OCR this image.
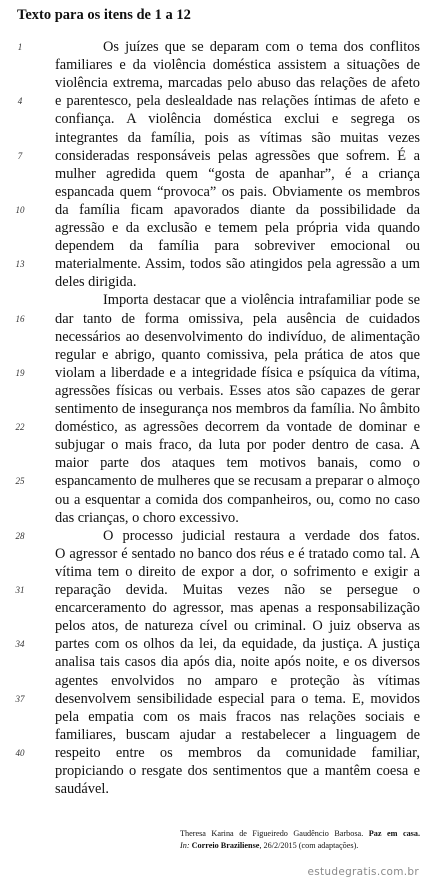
Texto para os itens de 1 a 12
Os juízes que se deparam com o tema dos conflitos
1
familiares e da violência doméstica assistem a situações de
violência extrema, marcadas pelo abuso das relações de afeto
e parentesco, pela deslealdade nas relações íntimas de afeto e
4
confiança. A violência doméstica exclui e segrega os
integrantes da família, pois as vítimas são muitas vezes
consideradas responsáveis pelas agressões que sofrem. É a
7
mulher agredida quem “gosta de apanhar”, é a criança
espancada quem “provoca” os pais. Obviamente os membros
da família ficam apavorados diante da possibilidade da
10
agressão e da exclusão e temem pela própria vida quando
dependem da família para sobreviver emocional ou
materialmente. Assim, todos são atingidos pela agressão a um
13
deles dirigida.
Importa destacar que a violência intrafamiliar pode se
dar tanto de forma omissiva, pela ausência de cuidados
16
necessários ao desenvolvimento do indivíduo, de alimentação
regular e abrigo, quanto comissiva, pela prática de atos que
violam a liberdade e a integridade física e psíquica da vítima,
19
agressões físicas ou verbais. Esses atos são capazes de gerar
sentimento de insegurança nos membros da família. No âmbito
doméstico, as agressões decorrem da vontade de dominar e
22
subjugar o mais fraco, da luta por poder dentro de casa. A
maior parte dos ataques tem motivos banais, como o
espancamento de mulheres que se recusam a preparar o almoço
25
ou a esquentar a comida dos companheiros, ou, como no caso
das crianças, o choro excessivo.
O processo judicial restaura a verdade dos fatos.
28
O agressor é sentado no banco dos réus e é tratado como tal. A
vítima tem o direito de expor a dor, o sofrimento e exigir a
reparação devida. Muitas vezes não se persegue o
31
encarceramento do agressor, mas apenas a responsabilização
pelos atos, de natureza cível ou criminal. O juiz observa as
partes com os olhos da lei, da equidade, da justiça. A justiça
34
analisa tais casos dia após dia, noite após noite, e os diversos
agentes envolvidos no amparo e proteção às vítimas
desenvolvem sensibilidade especial para o tema. E, movidos
37
pela empatia com os mais fracos nas relações sociais e
familiares, buscam ajudar a restabelecer a linguagem de
respeito entre os membros da comunidade familiar,
40
propiciando o resgate dos sentimentos que a mantêm coesa e
saudável.
Theresa Karina de Figueiredo Gaudêncio Barbosa. Paz em casa.
In: Correio Braziliense, 26/2/2015 (com adaptações).
estudegratis.com.br
